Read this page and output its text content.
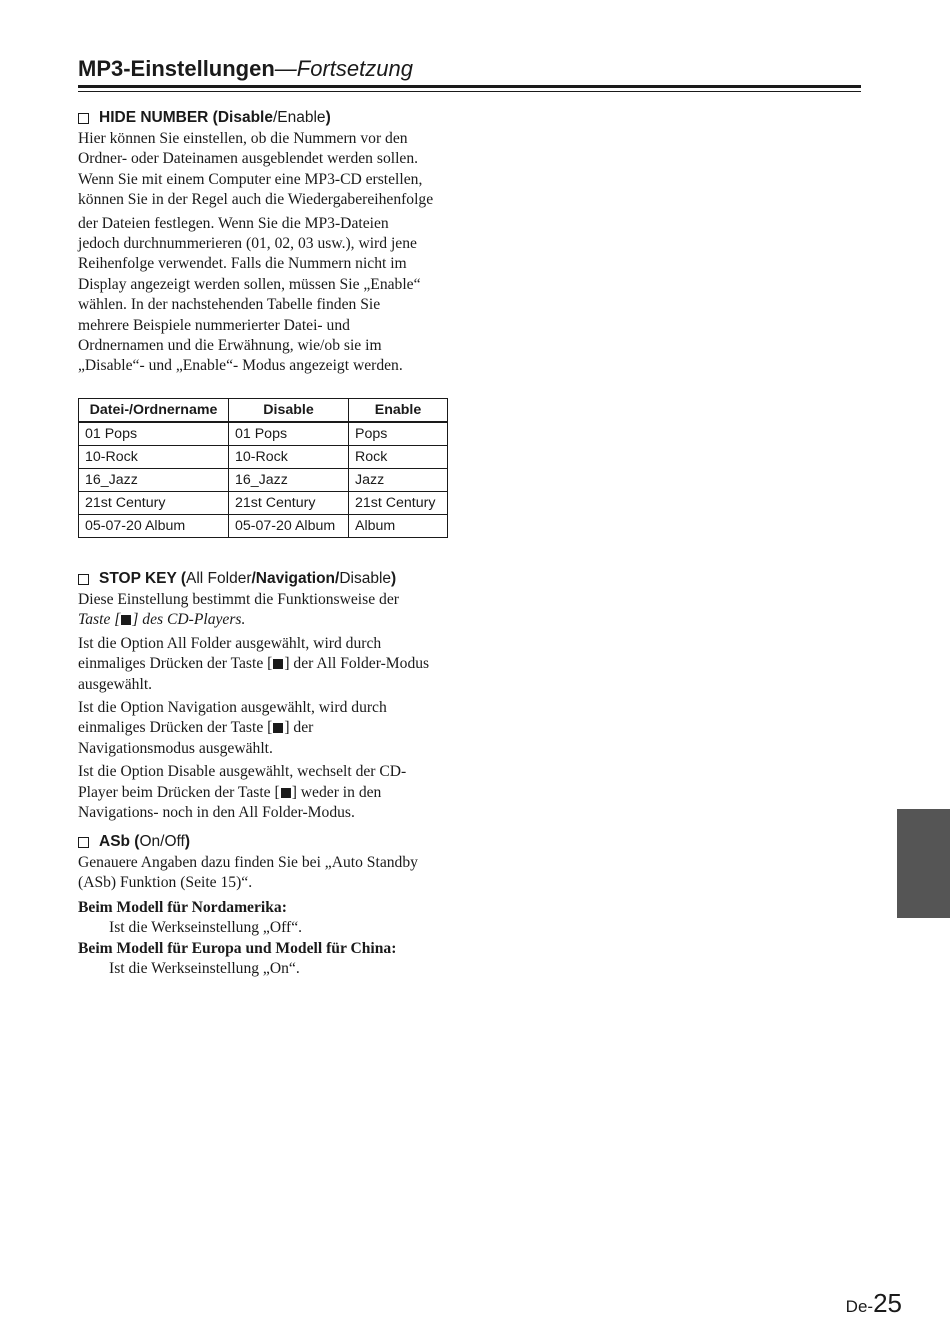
MP3-Einstellungen—Fortsetzung
HIDE NUMBER ( Disable /Enable )

Hier können Sie einstellen, ob die Nummern vor den

Ordner- oder Dateinamen ausgeblendet werden sollen.

Wenn Sie mit einem Computer eine MP3-CD erstellen,

können Sie in der Regel auch die Wiedergabereihenfolge

der Dateien festlegen. Wenn Sie die MP3-Dateien

jedoch durchnummerieren (01, 02, 03 usw.), wird jene

Reihenfolge verwendet. Falls die Nummern nicht im

Display angezeigt werden sollen, müssen Sie „Enable“

wählen. In der nachstehenden Tabelle finden Sie

mehrere Beispiele nummerierter Datei- und

Ordnernamen und die Erwähnung, wie/ob sie im

„Disable“- und „Enable“- Modus angezeigt werden.

Datei-/Ordnername	Disable	Enable
01 Pops	01 Pops	Pops
10-Rock	10-Rock	Rock
16_Jazz	16_Jazz	Jazz
21st Century	21st Century	21st Century
05-07-20 Album	05-07-20 Album	Album
STOP KEY ( All Folder / Navigation / Disable )

Diese Einstellung bestimmt die Funktionsweise der

Taste [ ] des CD-Players.

Ist die Option All Folder ausgewählt, wird durch

einmaliges Drücken der Taste [ ] der All Folder-Modus

ausgewählt.

Ist die Option Navigation ausgewählt, wird durch

einmaliges Drücken der Taste [ ] der

Navigationsmodus ausgewählt.

Ist die Option Disable ausgewählt, wechselt der CD-

Player beim Drücken der Taste [ ] weder in den

Navigations- noch in den All Folder-Modus.

ASb ( On/Off )

Genauere Angaben dazu finden Sie bei „Auto Standby

(ASb) Funktion (Seite 15)“.

Beim Modell für Nordamerika:

Ist die Werkseinstellung „Off“.

Beim Modell für Europa und Modell für China:

Ist die Werkseinstellung „On“.

De-25
